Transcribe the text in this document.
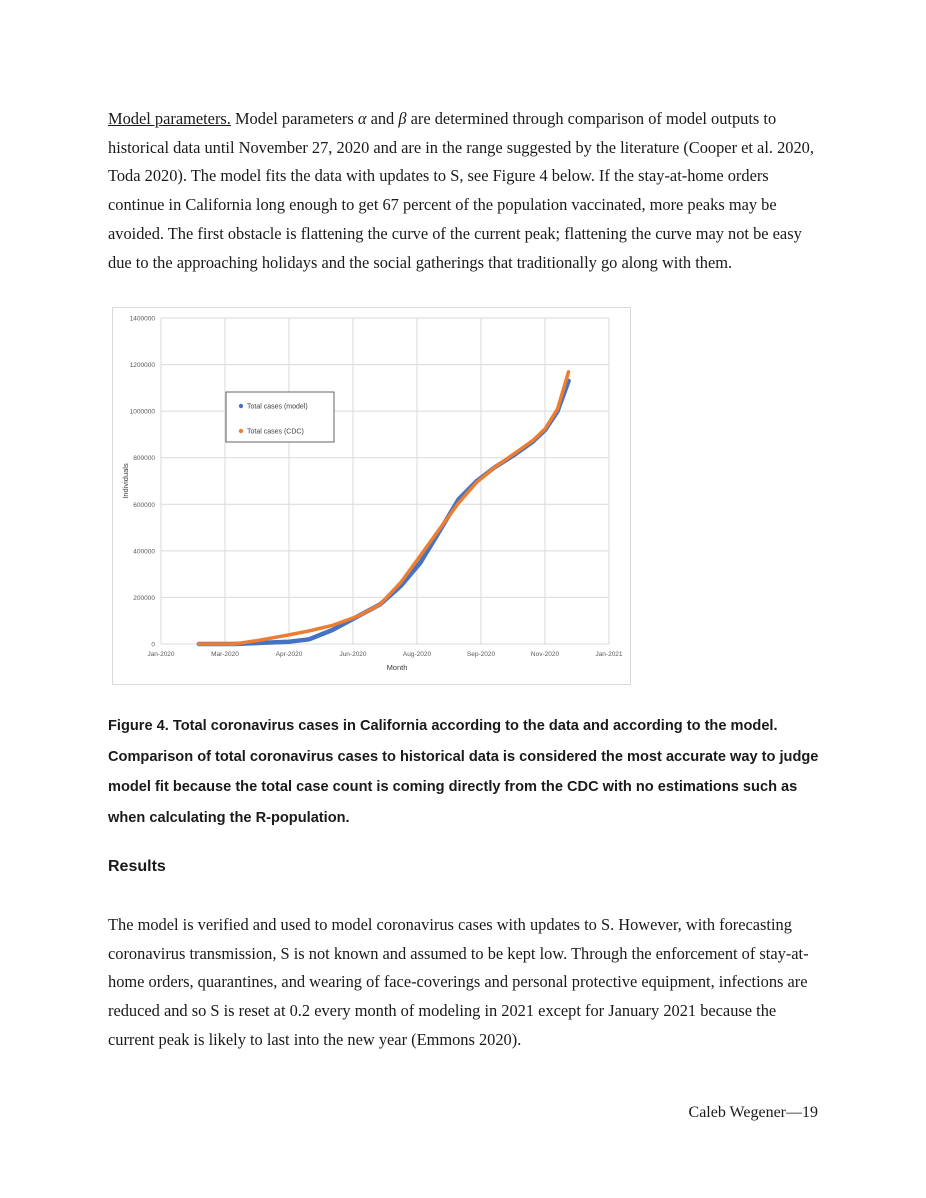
Model parameters. Model parameters α and β are determined through comparison of model outputs to historical data until November 27, 2020 and are in the range suggested by the literature (Cooper et al. 2020, Toda 2020). The model fits the data with updates to S, see Figure 4 below. If the stay-at-home orders continue in California long enough to get 67 percent of the population vaccinated, more peaks may be avoided. The first obstacle is flattening the curve of the current peak; flattening the curve may not be easy due to the approaching holidays and the social gatherings that traditionally go along with them.
0
200000
400000
600000
800000
1000000
1200000
1400000
Jan-2020	Mar-2020	Apr-2020	Jun-2020	Aug-2020	Sep-2020	Nov-2020	Jan-2021
Month
Individuals
Total cases (model)
Total cases (CDC)
Figure 4. Total coronavirus cases in California according to the data and according to the model. Comparison of total coronavirus cases to historical data is considered the most accurate way to judge model fit because the total case count is coming directly from the CDC with no estimations such as when calculating the R-population.
Results
The model is verified and used to model coronavirus cases with updates to S. However, with forecasting coronavirus transmission, S is not known and assumed to be kept low. Through the enforcement of stay-at-home orders, quarantines, and wearing of face-coverings and personal protective equipment, infections are reduced and so S is reset at 0.2 every month of modeling in 2021 except for January 2021 because the current peak is likely to last into the new year (Emmons 2020).
Caleb Wegener—19
